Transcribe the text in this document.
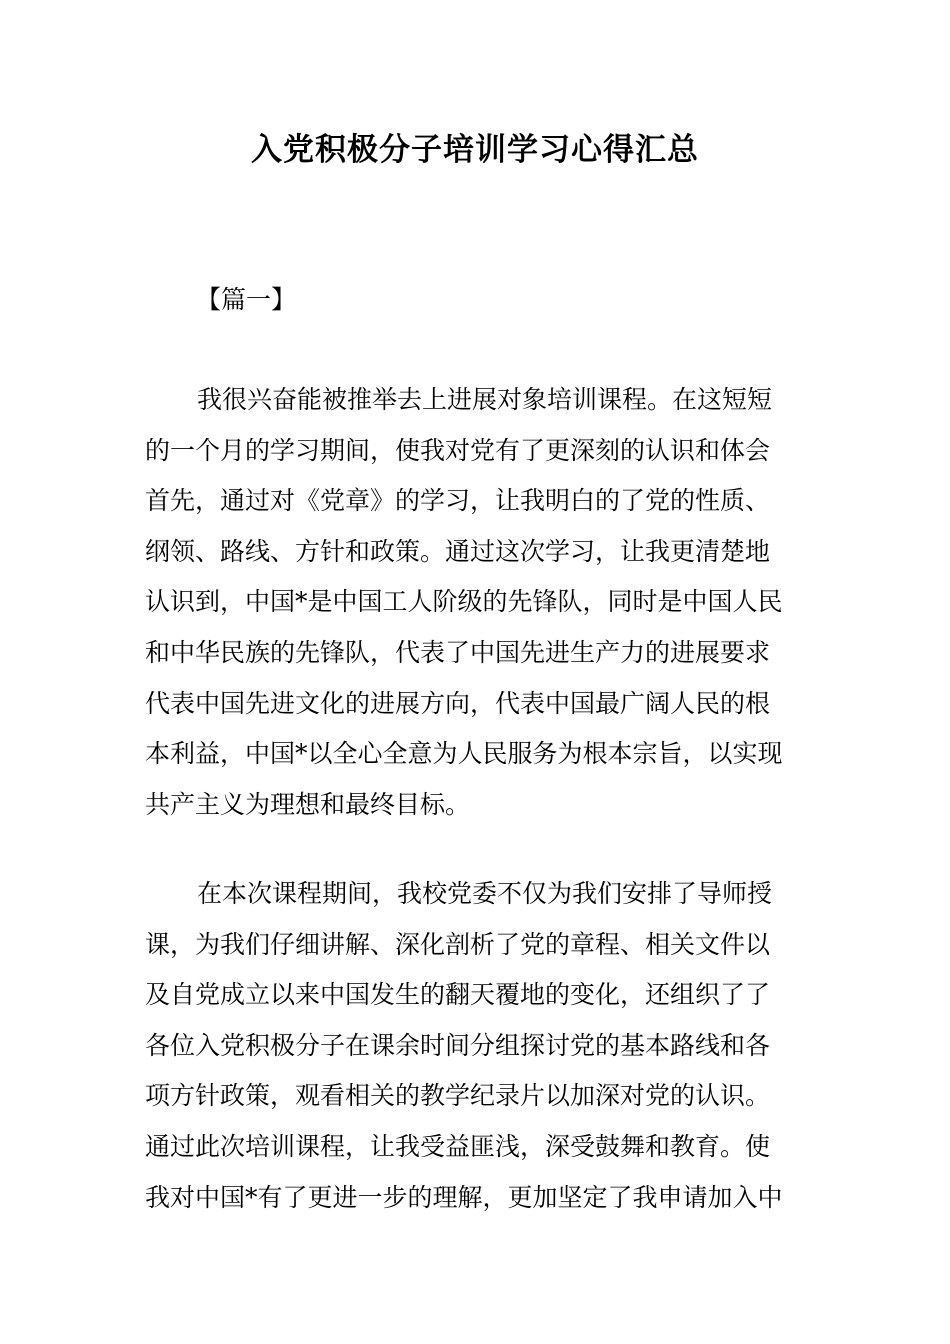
入党积极分子培训学习心得汇总
【篇一】
我很兴奋能被推举去上进展对象培训课程。在这短短
的一个月的学习期间，使我对党有了更深刻的认识和体会
首先，通过对《党章》的学习，让我明白的了党的性质、
纲领、路线、方针和政策。通过这次学习，让我更清楚地
认识到，中国*是中国工人阶级的先锋队，同时是中国人民
和中华民族的先锋队，代表了中国先进生产力的进展要求
代表中国先进文化的进展方向，代表中国最广阔人民的根
本利益，中国*以全心全意为人民服务为根本宗旨，以实现
共产主义为理想和最终目标。
在本次课程期间，我校党委不仅为我们安排了导师授
课，为我们仔细讲解、深化剖析了党的章程、相关文件以
及自党成立以来中国发生的翻天覆地的变化，还组织了了
各位入党积极分子在课余时间分组探讨党的基本路线和各
项方针政策，观看相关的教学纪录片以加深对党的认识。
通过此次培训课程，让我受益匪浅，深受鼓舞和教育。使
我对中国*有了更进一步的理解，更加坚定了我申请加入中
